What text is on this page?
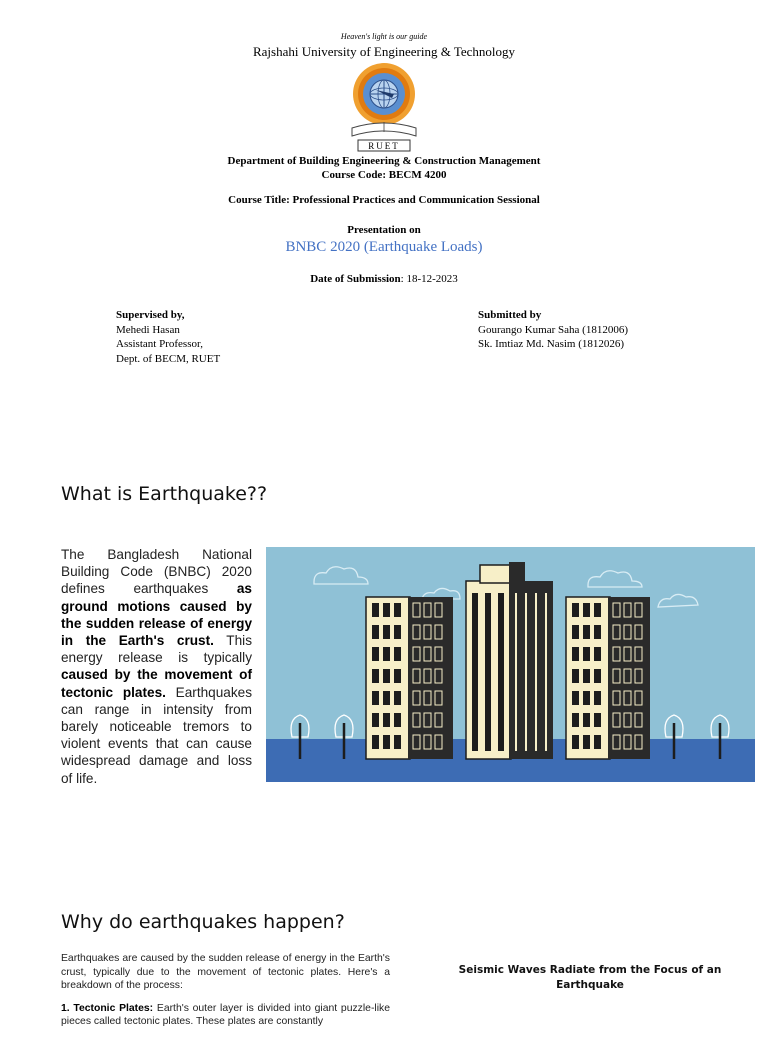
Heaven's light is our guide
Rajshahi University of Engineering & Technology
RUET
Department of Building Engineering & Construction Management
Course Code: BECM 4200
Course Title: Professional Practices and Communication Sessional
Presentation on
BNBC 2020 (Earthquake Loads)
Date of Submission: 18-12-2023
Supervised by,
Mehedi Hasan
Assistant Professor,
Dept. of BECM, RUET
Submitted by
Gourango Kumar Saha (1812006)
Sk. Imtiaz Md. Nasim (1812026)
What is Earthquake??
The Bangladesh National Building Code (BNBC) 2020 defines earthquakes as ground motions caused by the sudden release of energy in the Earth's crust. This energy release is typically caused by the movement of tectonic plates. Earthquakes can range in intensity from barely noticeable tremors to violent events that can cause widespread damage and loss of life.
Why do earthquakes happen?

Earthquakes are caused by the sudden release of energy in the Earth's crust, typically due to the movement of tectonic plates. Here's a breakdown of the process:

1. Tectonic Plates: Earth's outer layer is divided into giant puzzle-like pieces called tectonic plates. These plates are constantly

Seismic Waves Radiate from the Focus of an Earthquake
